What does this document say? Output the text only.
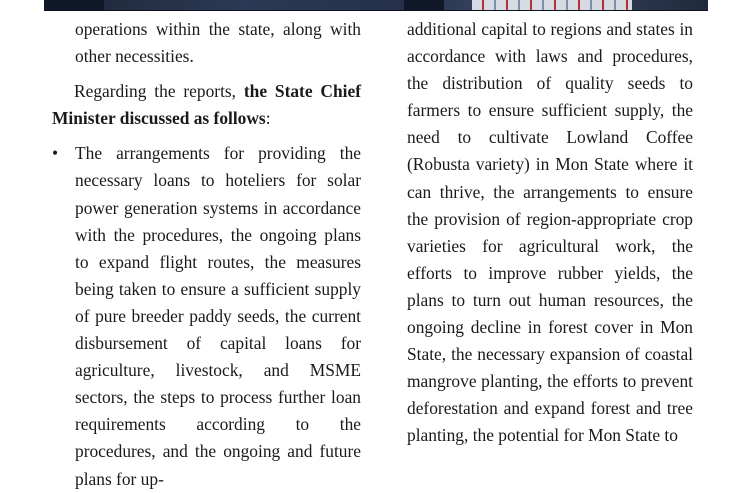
operations within the state, along with other necessities.

Regarding the reports, the State Chief Minister discussed as follows:

• The arrangements for providing the necessary loans to hoteliers for solar power generation systems in accordance with the procedures, the ongoing plans to expand flight routes, the measures being taken to ensure a sufficient supply of pure breeder paddy seeds, the current disbursement of capital loans for agriculture, livestock, and MSME sectors, the steps to process further loan requirements according to the procedures, and the ongoing and future plans for up-

additional capital to regions and states in accordance with laws and procedures, the distribution of quality seeds to farmers to ensure sufficient supply, the need to cultivate Lowland Coffee (Robusta variety) in Mon State where it can thrive, the arrangements to ensure the provision of region-appropriate crop varieties for agricultural work, the efforts to improve rubber yields, the plans to turn out human resources, the ongoing decline in forest cover in Mon State, the necessary expansion of coastal mangrove planting, the efforts to prevent deforestation and expand forest and tree planting, the potential for Mon State to
